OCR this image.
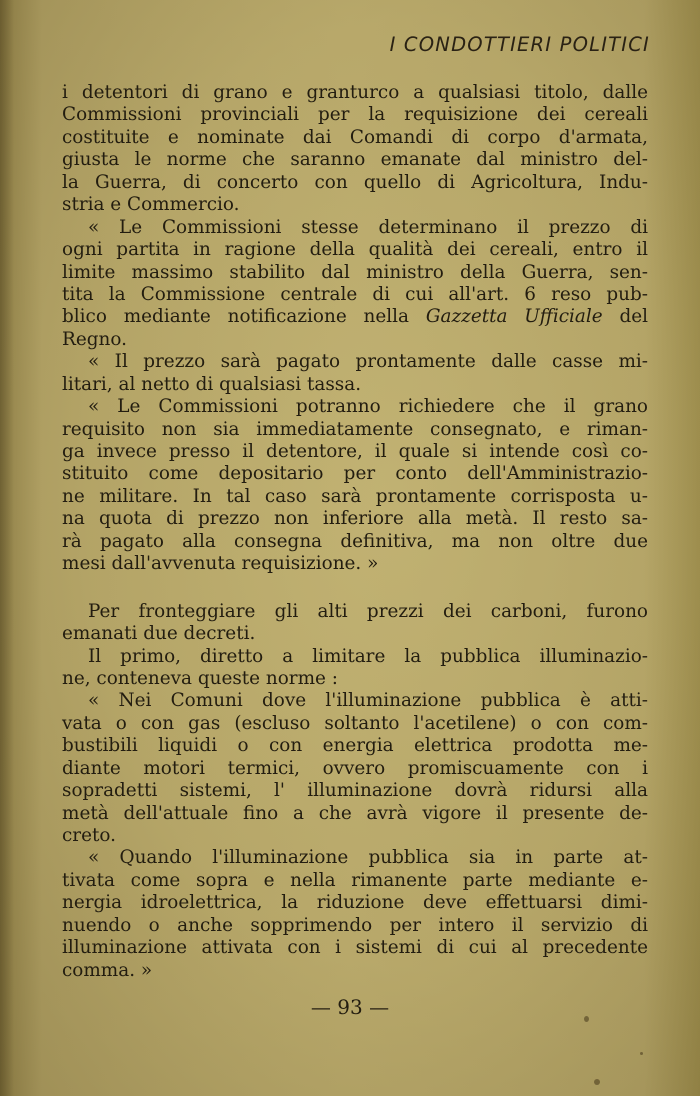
I CONDOTTIERI POLITICI
i detentori di grano e granturco a qualsiasi titolo, dalle
Commissioni provinciali per la requisizione dei cereali
costituite e nominate dai Comandi di corpo d'armata,
giusta le norme che saranno emanate dal ministro del-
la Guerra, di concerto con quello di Agricoltura, Indu-
stria e Commercio.
« Le Commissioni stesse determinano il prezzo di
ogni partita in ragione della qualità dei cereali, entro il
limite massimo stabilito dal ministro della Guerra, sen-
tita la Commissione centrale di cui all'art. 6 reso pub-
blico mediante notificazione nella Gazzetta Ufficiale del
Regno.
« Il prezzo sarà pagato prontamente dalle casse mi-
litari, al netto di qualsiasi tassa.
« Le Commissioni potranno richiedere che il grano
requisito non sia immediatamente consegnato, e riman-
ga invece presso il detentore, il quale si intende così co-
stituito come depositario per conto dell'Amministrazio-
ne militare. In tal caso sarà prontamente corrisposta u-
na quota di prezzo non inferiore alla metà. Il resto sa-
rà pagato alla consegna definitiva, ma non oltre due
mesi dall'avvenuta requisizione. »
Per fronteggiare gli alti prezzi dei carboni, furono
emanati due decreti.
Il primo, diretto a limitare la pubblica illuminazio-
ne, conteneva queste norme :
« Nei Comuni dove l'illuminazione pubblica è atti-
vata o con gas (escluso soltanto l'acetilene) o con com-
bustibili liquidi o con energia elettrica prodotta me-
diante motori termici, ovvero promiscuamente con i
sopradetti sistemi, l' illuminazione dovrà ridursi alla
metà dell'attuale fino a che avrà vigore il presente de-
creto.
« Quando l'illuminazione pubblica sia in parte at-
tivata come sopra e nella rimanente parte mediante e-
nergia idroelettrica, la riduzione deve effettuarsi dimi-
nuendo o anche sopprimendo per intero il servizio di
illuminazione attivata con i sistemi di cui al precedente
comma. »
— 93 —
